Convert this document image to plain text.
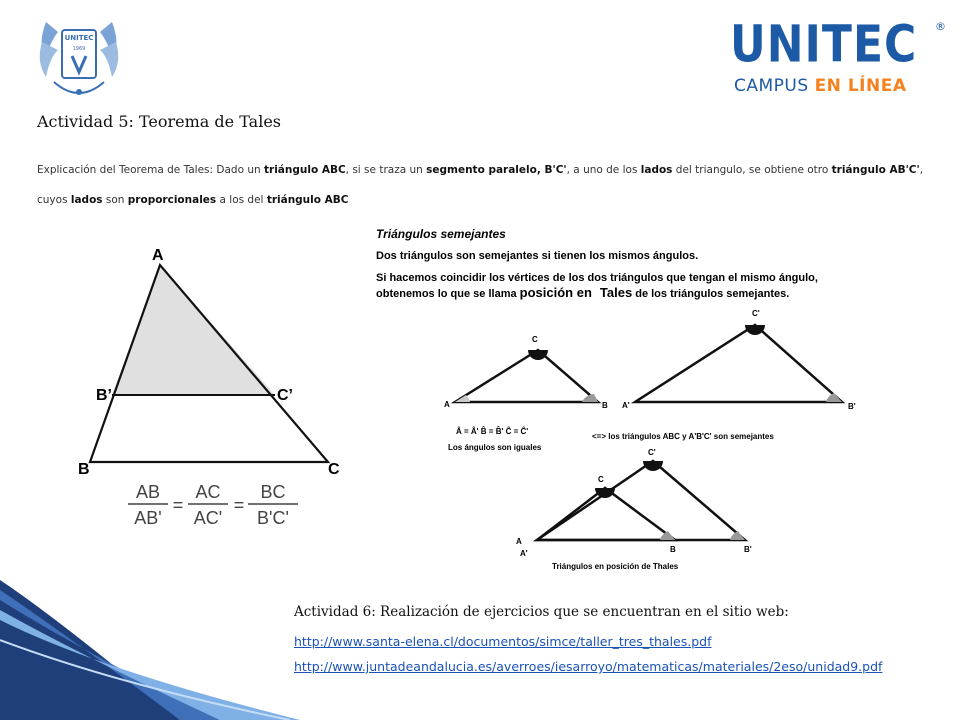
UNITEC
1969	UNITEC ®
CAMPUS EN LÍNEA
Actividad 5: Teorema de Tales
Explicación del Teorema de Tales: Dado un triángulo ABC, si se traza un segmento paralelo, B'C', a uno de los lados del triangulo, se obtiene otro triángulo AB'C', cuyos lados son proporcionales a los del triángulo ABC
A
B’	C’
B	C
AB
AB'
=
AC
AC'
=
BC
B'C'
Triángulos semejantes
Dos triángulos son semejantes si tienen los mismos ángulos.
Si hacemos coincidir los vértices de los dos triángulos que tengan el mismo ángulo,
obtenemos lo que se llama posición en Tales de los triángulos semejantes.
C
A	B
C'
A'	B'
Â = Â' B̂ = B̂' Ĉ = Ĉ'
Los ángulos son iguales
<=> los triángulos ABC y A'B'C' son semejantes
C'
C
A
A'	B	B'
Triángulos en posición de Thales
Actividad 6: Realización de ejercicios que se encuentran en el sitio web:
http://www.santa-elena.cl/documentos/simce/taller_tres_thales.pdf
http://www.juntadeandalucia.es/averroes/iesarroyo/matematicas/materiales/2eso/unidad9.pdf
